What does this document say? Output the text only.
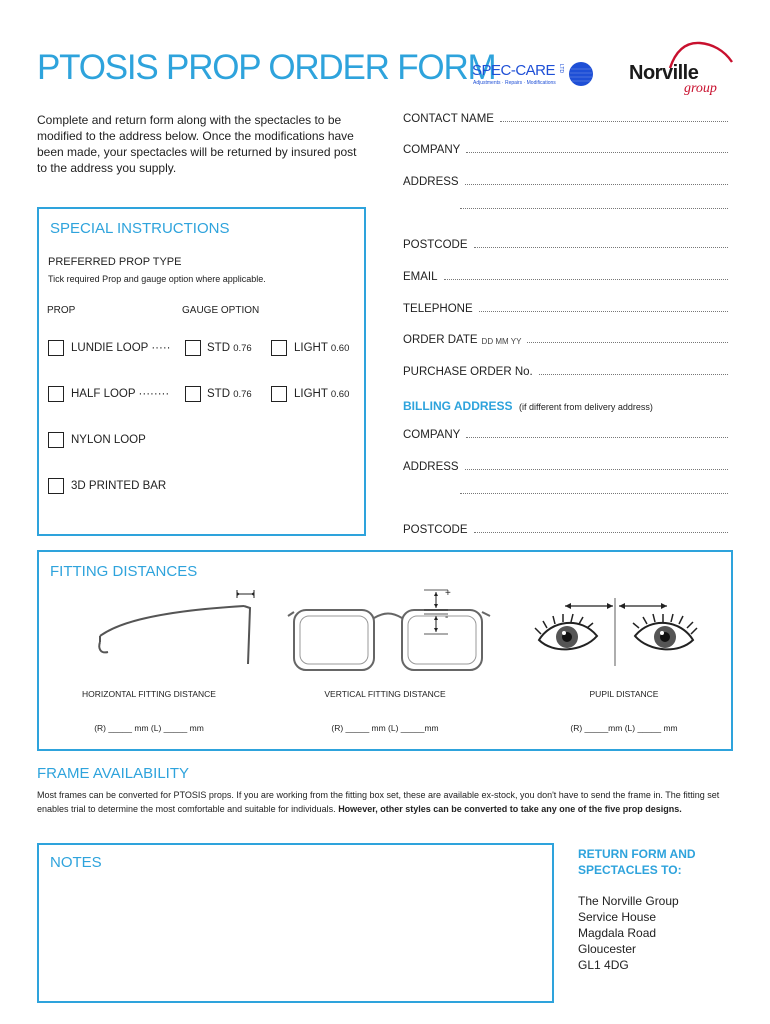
PTOSIS PROP ORDER FORM
SPEC-CARE LTD
Adjustments · Repairs · Modifications	Norville
group
Complete and return form along with the spectacles to be modified to the address below. Once the modifications have been made, your spectacles will be returned by insured post to the address you supply.
CONTACT NAME
COMPANY
ADDRESS
POSTCODE
EMAIL
TELEPHONE
ORDER DATE DD MM YY
PURCHASE ORDER No.
BILLING ADDRESS (if different from delivery address)
COMPANY
ADDRESS
POSTCODE
SPECIAL INSTRUCTIONS
PREFERRED PROP TYPE
Tick required Prop and gauge option where applicable.
PROP	GAUGE OPTION
LUNDIE LOOP ·····	STD 0.76	LIGHT 0.60
HALF LOOP ········	STD 0.76	LIGHT 0.60
NYLON LOOP
3D PRINTED BAR
FITTING DISTANCES
+
-
HORIZONTAL FITTING DISTANCE	VERTICAL FITTING DISTANCE	PUPIL DISTANCE
(R) _____ mm (L) _____ mm	(R) _____ mm (L) _____mm	(R) _____mm (L) _____ mm
FRAME AVAILABILITY
Most frames can be converted for PTOSIS props. If you are working from the fitting box set, these are available ex-stock, you don't have to send the frame in. The fitting set enables trial to determine the most comfortable and suitable for individuals. However, other styles can be converted to take any one of the five prop designs.
NOTES	RETURN FORM AND
SPECTACLES TO:
The Norville Group
Service House
Magdala Road
Gloucester
GL1 4DG
